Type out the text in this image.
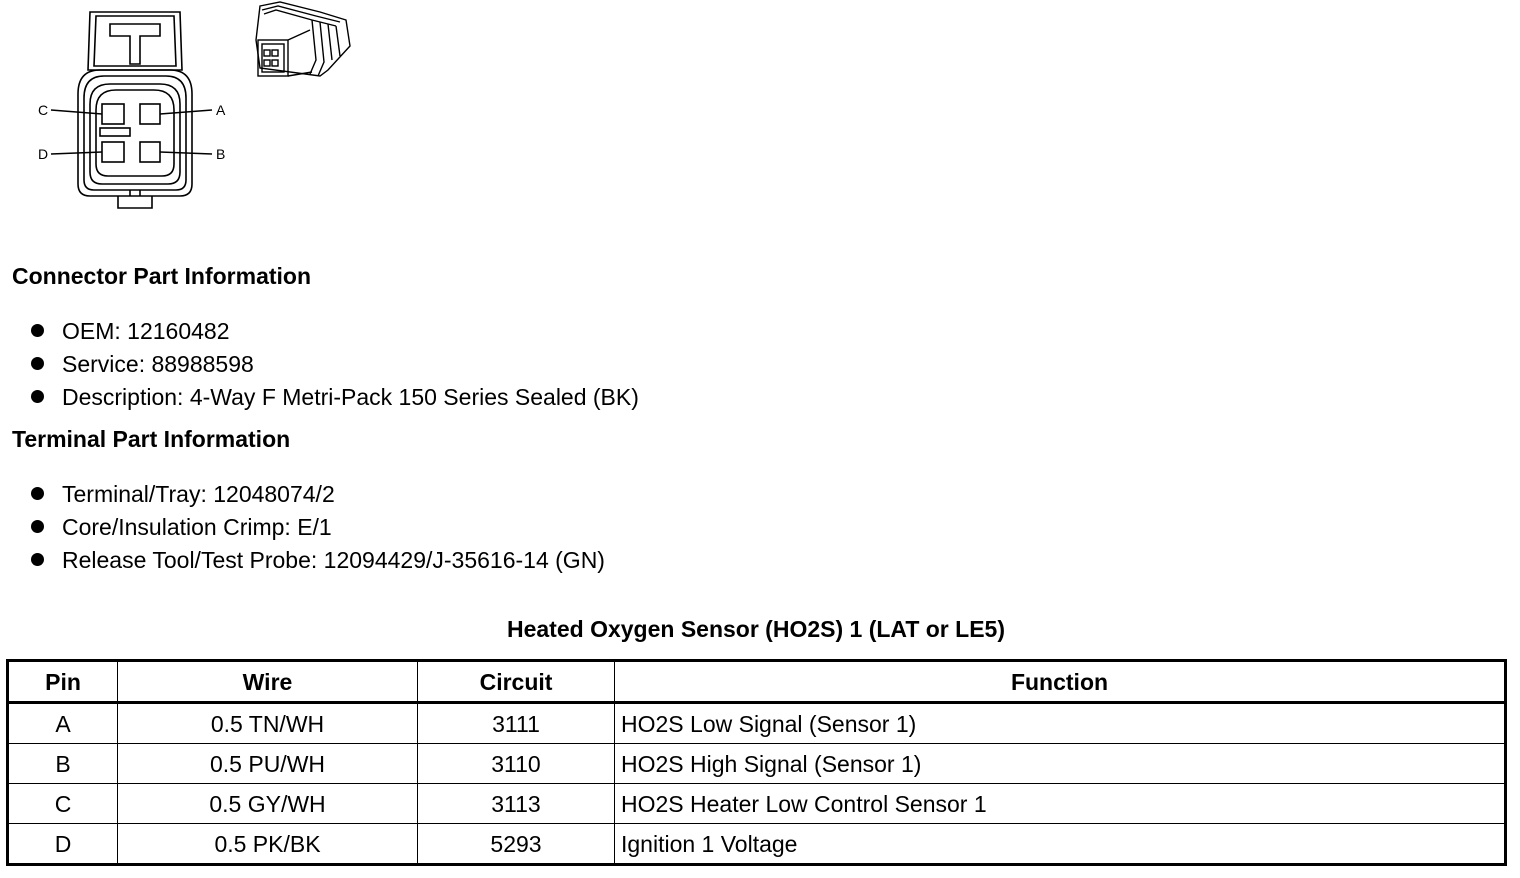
C	A
D	B
Connector Part Information
OEM: 12160482
Service: 88988598
Description: 4-Way F Metri-Pack 150 Series Sealed (BK)
Terminal Part Information
Terminal/Tray: 12048074/2
Core/Insulation Crimp: E/1
Release Tool/Test Probe: 12094429/J-35616-14 (GN)
Heated Oxygen Sensor (HO2S) 1 (LAT or LE5)
Pin	Wire	Circuit	Function
A	0.5 TN/WH	3111	HO2S Low Signal (Sensor 1)
B	0.5 PU/WH	3110	HO2S High Signal (Sensor 1)
C	0.5 GY/WH	3113	HO2S Heater Low Control Sensor 1
D	0.5 PK/BK	5293	Ignition 1 Voltage
